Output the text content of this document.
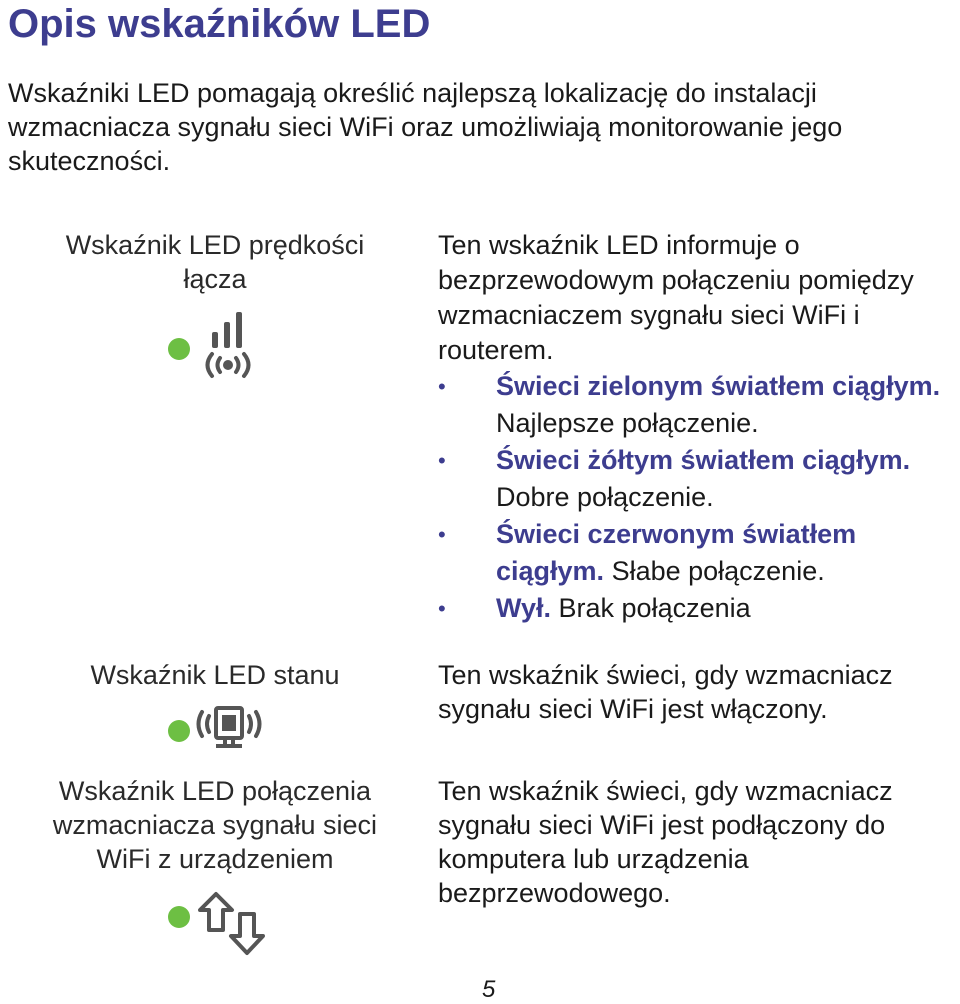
Opis wskaźników LED

Wskaźniki LED pomagają określić najlepszą lokalizację do instalacji wzmacniacza sygnału sieci WiFi oraz umożliwiają monitorowanie jego skuteczności.

Wskaźnik LED prędkości
łącza

Ten wskaźnik LED informuje o bezprzewodowym połączeniu pomiędzy wzmacniaczem sygnału sieci WiFi i routerem.

• Świeci zielonym światłem ciągłym. Najlepsze połączenie.
• Świeci żółtym światłem ciągłym. Dobre połączenie.
• Świeci czerwonym światłem ciągłym. Słabe połączenie.
• Wył. Brak połączenia
Wskaźnik LED stanu	Ten wskaźnik świeci, gdy wzmacniacz sygnału sieci WiFi jest włączony.

Wskaźnik LED połączenia
wzmacniacza sygnału sieci
WiFi z urządzeniem

Ten wskaźnik świeci, gdy wzmacniacz sygnału sieci WiFi jest podłączony do komputera lub urządzenia bezprzewodowego.

5
